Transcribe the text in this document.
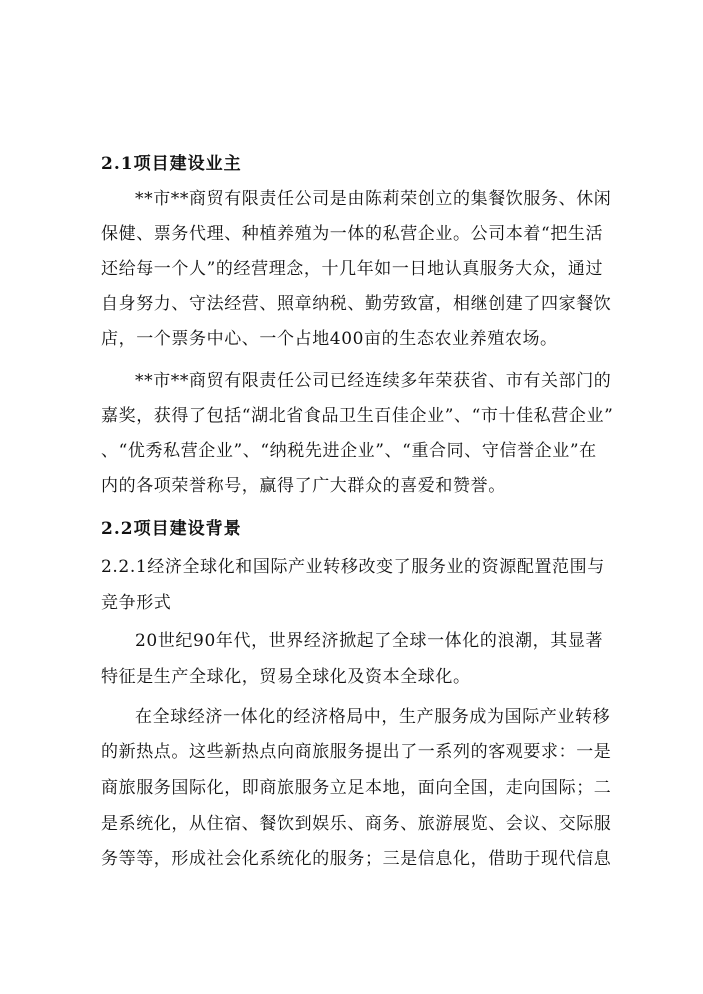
2.1项目建设业主
**市**商贸有限责任公司是由陈莉荣创立的集餐饮服务、休闲
保健、票务代理、种植养殖为一体的私营企业。公司本着“把生活
还给每一个人”的经营理念，十几年如一日地认真服务大众，通过
自身努力、守法经营、照章纳税、勤劳致富，相继创建了四家餐饮
店，一个票务中心、一个占地400亩的生态农业养殖农场。
**市**商贸有限责任公司已经连续多年荣获省、市有关部门的
嘉奖，获得了包括“湖北省食品卫生百佳企业”、“市十佳私营企业”
、“优秀私营企业”、“纳税先进企业”、“重合同、守信誉企业”在
内的各项荣誉称号，赢得了广大群众的喜爱和赞誉。
2.2项目建设背景
2.2.1经济全球化和国际产业转移改变了服务业的资源配置范围与
竞争形式
20世纪90年代，世界经济掀起了全球一体化的浪潮，其显著
特征是生产全球化，贸易全球化及资本全球化。
在全球经济一体化的经济格局中，生产服务成为国际产业转移
的新热点。这些新热点向商旅服务提出了一系列的客观要求：一是
商旅服务国际化，即商旅服务立足本地，面向全国，走向国际；二
是系统化，从住宿、餐饮到娱乐、商务、旅游展览、会议、交际服
务等等，形成社会化系统化的服务；三是信息化，借助于现代信息
